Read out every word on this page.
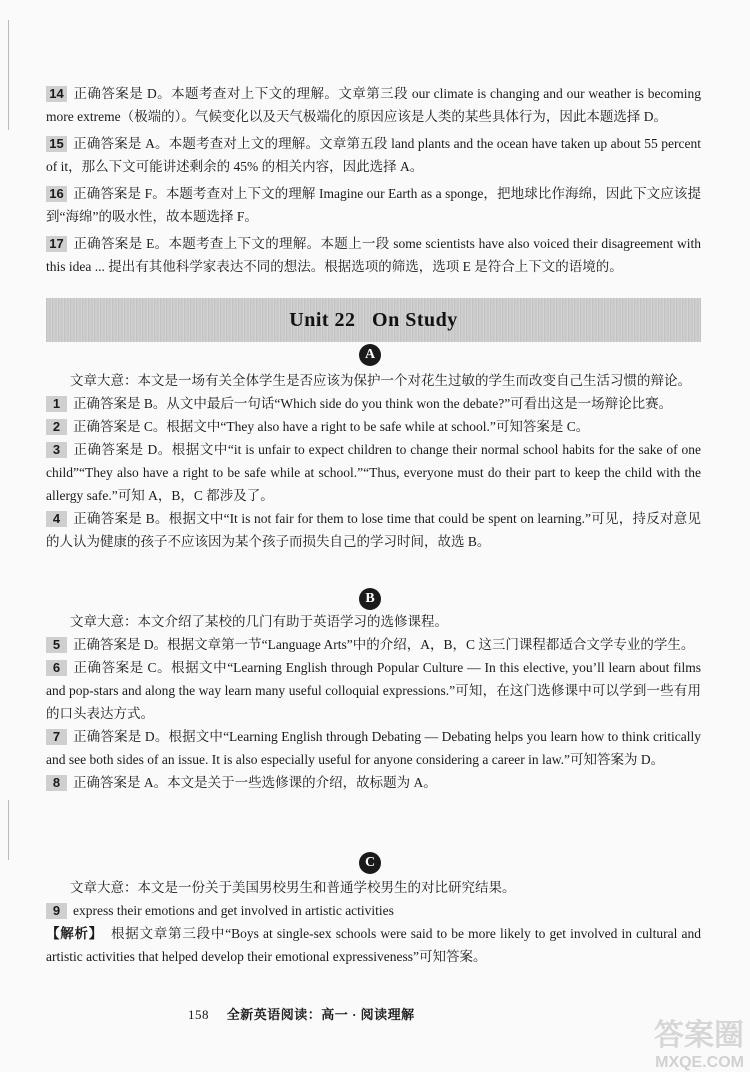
14 正确答案是 D。本题考查对上下文的理解。文章第三段 our climate is changing and our weather is becoming more extreme（极端的）。气候变化以及天气极端化的原因应该是人类的某些具体行为，因此本题选择 D。

15 正确答案是 A。本题考查对上文的理解。文章第五段 land plants and the ocean have taken up about 55 percent of it，那么下文可能讲述剩余的 45% 的相关内容，因此选择 A。

16 正确答案是 F。本题考查对上下文的理解 Imagine our Earth as a sponge，把地球比作海绵，因此下文应该提到“海绵”的吸水性，故本题选择 F。

17 正确答案是 E。本题考查上下文的理解。本题上一段 some scientists have also voiced their disagreement with this idea ... 提出有其他科学家表达不同的想法。根据选项的筛选，选项 E 是符合上下文的语境的。

Unit 22   On Study
A

文章大意：本文是一场有关全体学生是否应该为保护一个对花生过敏的学生而改变自己生活习惯的辩论。

1 正确答案是 B。从文中最后一句话“Which side do you think won the debate?”可看出这是一场辩论比赛。

2 正确答案是 C。根据文中“They also have a right to be safe while at school.”可知答案是 C。

3 正确答案是 D。根据文中“it is unfair to expect children to change their normal school habits for the sake of one child”“They also have a right to be safe while at school.”“Thus, everyone must do their part to keep the child with the allergy safe.”可知 A，B，C 都涉及了。

4 正确答案是 B。根据文中“It is not fair for them to lose time that could be spent on learning.”可见，持反对意见的人认为健康的孩子不应该因为某个孩子而损失自己的学习时间，故选 B。

B

文章大意：本文介绍了某校的几门有助于英语学习的选修课程。

5 正确答案是 D。根据文章第一节“Language Arts”中的介绍，A，B，C 这三门课程都适合文学专业的学生。

6 正确答案是 C。根据文中“Learning English through Popular Culture — In this elective, you’ll learn about films and pop-stars and along the way learn many useful colloquial expressions.”可知，在这门选修课中可以学到一些有用的口头表达方式。

7 正确答案是 D。根据文中“Learning English through Debating — Debating helps you learn how to think critically and see both sides of an issue. It is also especially useful for anyone considering a career in law.”可知答案为 D。

8 正确答案是 A。本文是关于一些选修课的介绍，故标题为 A。

C

文章大意：本文是一份关于美国男校男生和普通学校男生的对比研究结果。

9 express their emotions and get involved in artistic activities

【解析】 根据文章第三段中“Boys at single-sex schools were said to be more likely to get involved in cultural and artistic activities that helped develop their emotional expressiveness”可知答案。

158 全新英语阅读：高一 · 阅读理解
答案圈
MXQE.COM
